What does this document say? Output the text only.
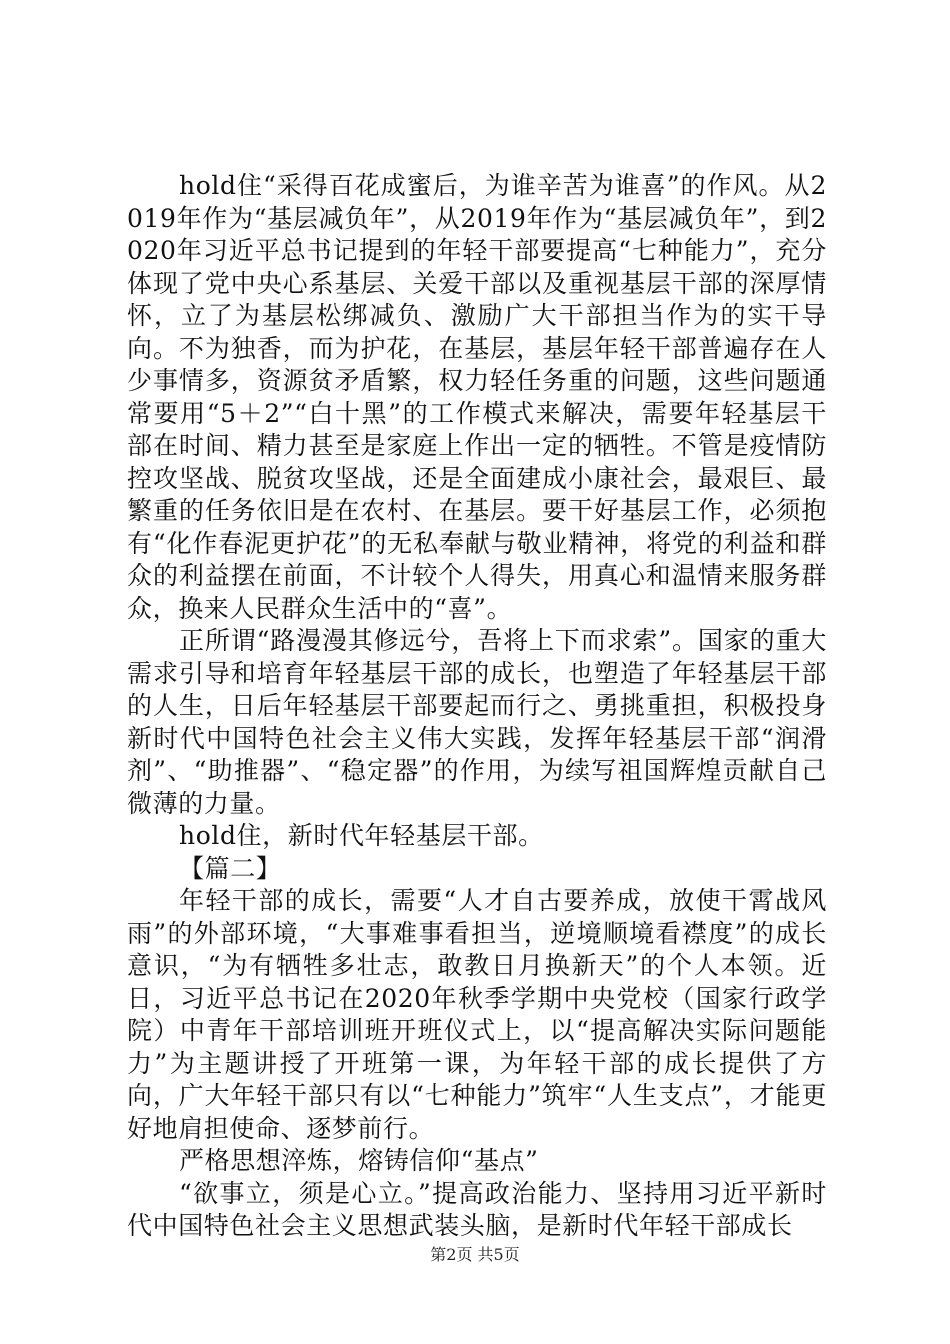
hold住“采得百花成蜜后，为谁辛苦为谁喜”的作风。从2019年作为“基层减负年”，从2019年作为“基层减负年”，到2020年习近平总书记提到的年轻干部要提高“七种能力”，充分体现了党中央心系基层、关爱干部以及重视基层干部的深厚情怀，立了为基层松绑减负、激励广大干部担当作为的实干导向。不为独香，而为护花，在基层，基层年轻干部普遍存在人少事情多，资源贫矛盾繁，权力轻任务重的问题，这些问题通常要用“5＋2”“白十黑”的工作模式来解决，需要年轻基层干部在时间、精力甚至是家庭上作出一定的牺牲。不管是疫情防控攻坚战、脱贫攻坚战，还是全面建成小康社会，最艰巨、最繁重的任务依旧是在农村、在基层。要干好基层工作，必须抱有“化作春泥更护花”的无私奉献与敬业精神，将党的利益和群众的利益摆在前面，不计较个人得失，用真心和温情来服务群众，换来人民群众生活中的“喜”。

正所谓“路漫漫其修远兮，吾将上下而求索”。国家的重大需求引导和培育年轻基层干部的成长，也塑造了年轻基层干部的人生，日后年轻基层干部要起而行之、勇挑重担，积极投身新时代中国特色社会主义伟大实践，发挥年轻基层干部“润滑剂”、“助推器”、“稳定器”的作用，为续写祖国辉煌贡献自己微薄的力量。

hold住，新时代年轻基层干部。

【篇二】

年轻干部的成长，需要“人才自古要养成，放使干霄战风雨”的外部环境，“大事难事看担当，逆境顺境看襟度”的成长意识，“为有牺牲多壮志，敢教日月换新天”的个人本领。近日，习近平总书记在2020年秋季学期中央党校（国家行政学院）中青年干部培训班开班仪式上，以“提高解决实际问题能力”为主题讲授了开班第一课，为年轻干部的成长提供了方向，广大年轻干部只有以“七种能力”筑牢“人生支点”，才能更好地肩担使命、逐梦前行。

严格思想淬炼，熔铸信仰“基点”

“欲事立，须是心立。”提高政治能力、坚持用习近平新时代中国特色社会主义思想武装头脑，是新时代年轻干部成长

第2页 共5页
